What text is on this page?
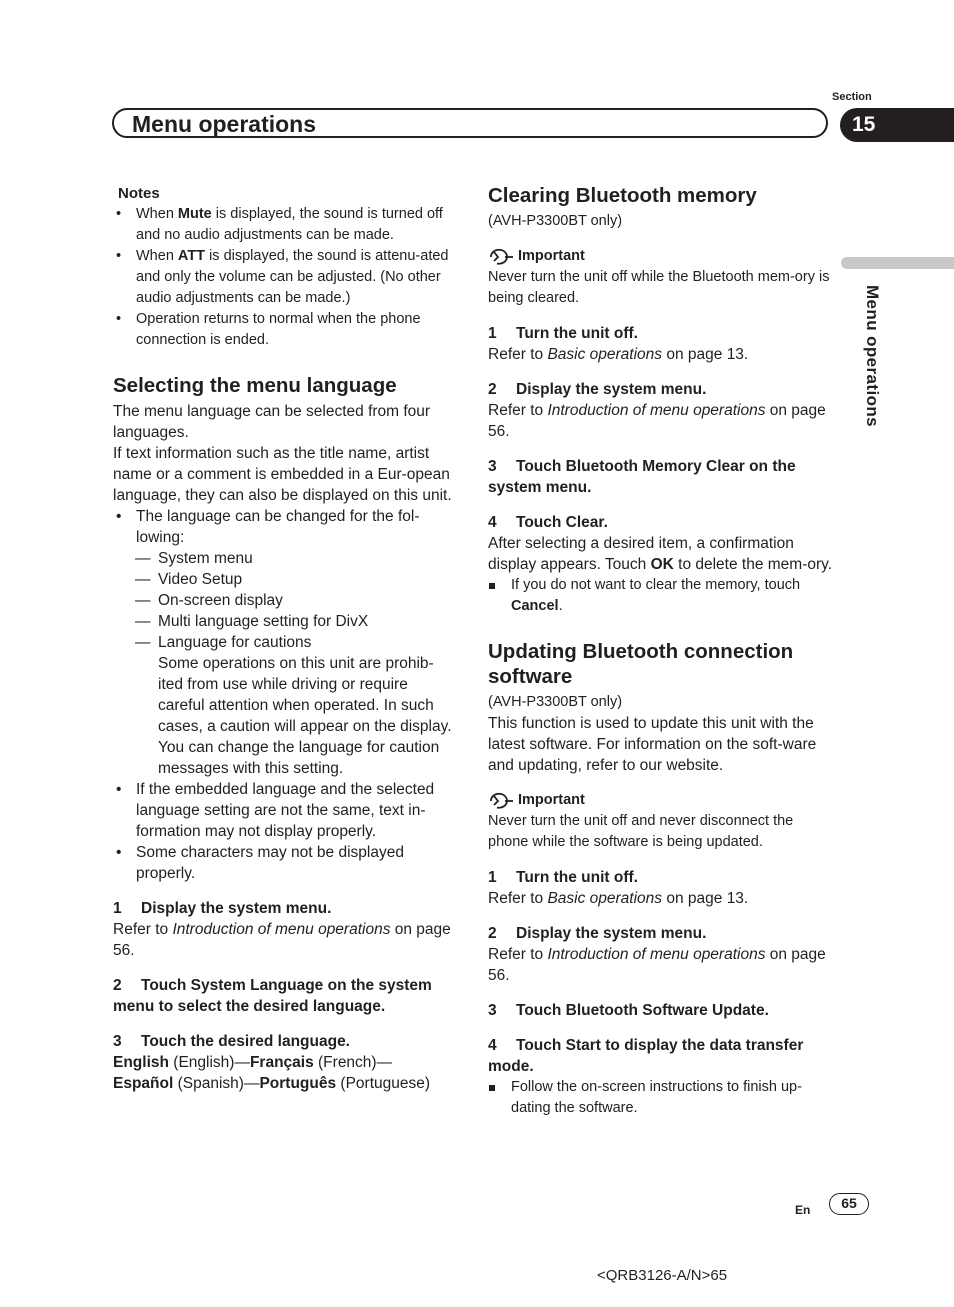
Section
Menu operations	15
Menu operations
Notes
• When Mute is displayed, the sound is turned off and no audio adjustments can be made.
• When ATT is displayed, the sound is attenu-ated and only the volume can be adjusted. (No other audio adjustments can be made.)
• Operation returns to normal when the phone connection is ended.
Selecting the menu language

The menu language can be selected from four languages.

If text information such as the title name, artist name or a comment is embedded in a Eur-opean language, they can also be displayed on this unit.

• The language can be changed for the fol-lowing:
— System menu
— Video Setup
— On-screen display
— Multi language setting for DivX
— Language for cautions
Some operations on this unit are prohib-ited from use while driving or require careful attention when operated. In such cases, a caution will appear on the display. You can change the language for caution messages with this setting.
• If the embedded language and the selected language setting are not the same, text in-formation may not display properly.
• Some characters may not be displayed properly.

1 Display the system menu.

Refer to Introduction of menu operations on page 56.

2 Touch System Language on the system menu to select the desired language.

3 Touch the desired language.

English (English)—Français (French)—
Español (Spanish)—Português (Portuguese)

Clearing Bluetooth memory

(AVH-P3300BT only)

Important

Never turn the unit off while the Bluetooth mem-ory is being cleared.

1 Turn the unit off.

Refer to Basic operations on page 13.

2 Display the system menu.

Refer to Introduction of menu operations on page 56.

3 Touch Bluetooth Memory Clear on the system menu.

4 Touch Clear.

After selecting a desired item, a confirmation display appears. Touch OK to delete the mem-ory.

If you do not want to clear the memory, touch Cancel.

Updating Bluetooth connection software

(AVH-P3300BT only)

This function is used to update this unit with the latest software. For information on the soft-ware and updating, refer to our website.

Important

Never turn the unit off and never disconnect the phone while the software is being updated.

1 Turn the unit off.

Refer to Basic operations on page 13.

2 Display the system menu.

Refer to Introduction of menu operations on page 56.

3 Touch Bluetooth Software Update.

4 Touch Start to display the data transfer mode.

Follow the on-screen instructions to finish up-dating the software.

En	65
<QRB3126-A/N>65
